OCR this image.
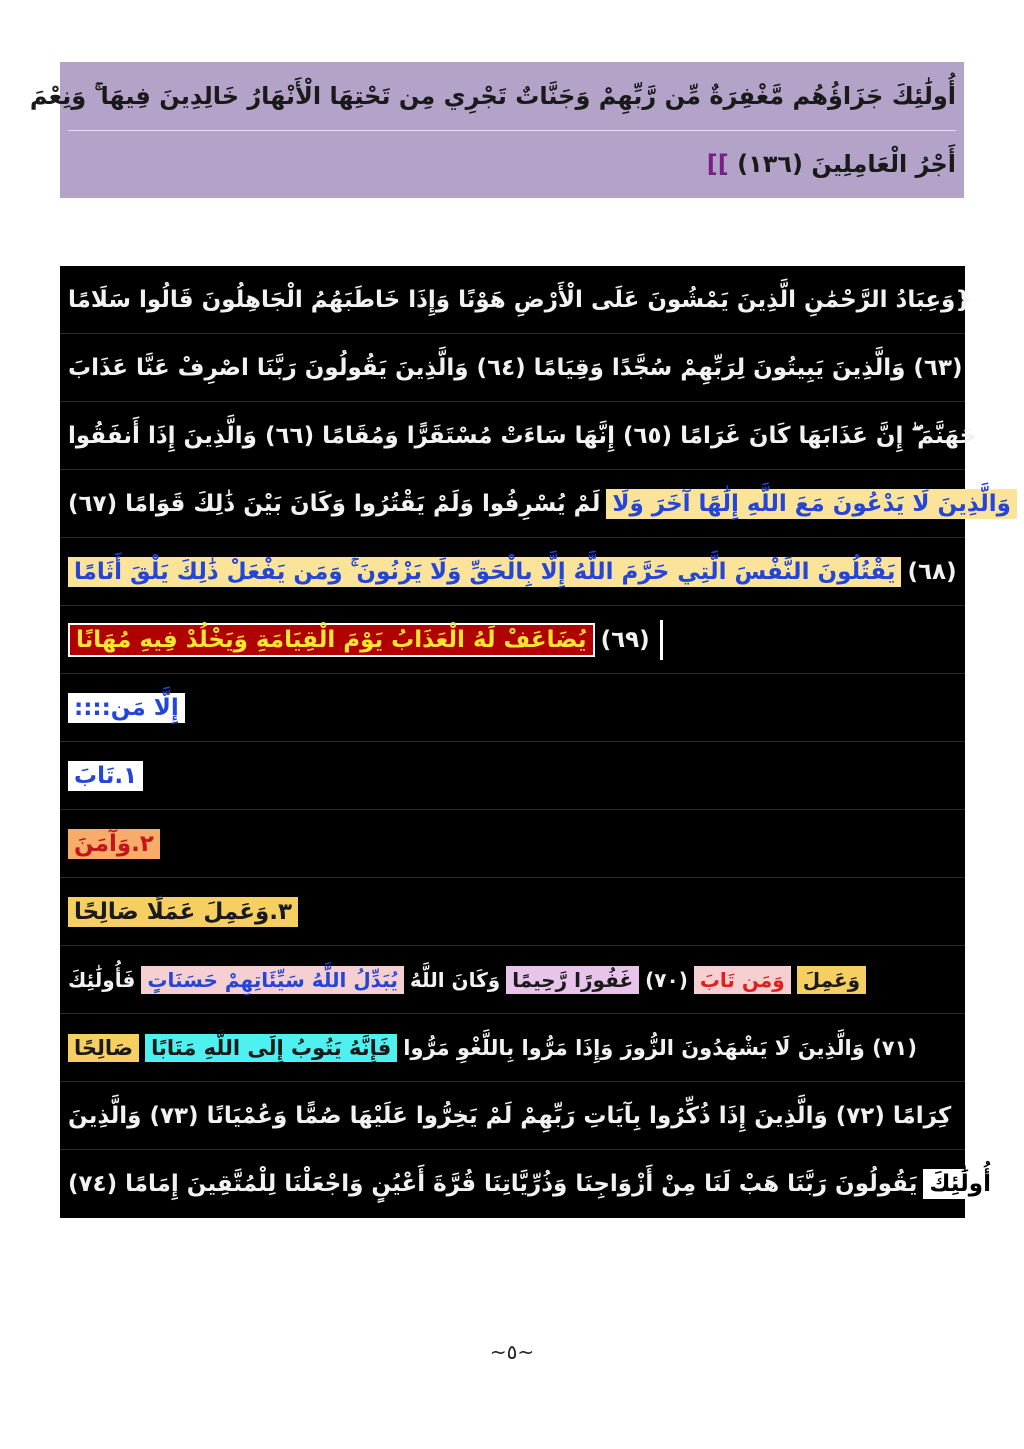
أُولَٰئِكَ جَزَاؤُهُم مَّغْفِرَةٌ مِّن رَّبِّهِمْ وَجَنَّاتٌ تَجْرِي مِن تَحْتِهَا الْأَنْهَارُ خَالِدِينَ فِيهَا ۚ وَنِعْمَ
أَجْرُ الْعَامِلِينَ (١٣٦) ]]
{وَعِبَادُ الرَّحْمَٰنِ الَّذِينَ يَمْشُونَ عَلَى الْأَرْضِ هَوْنًا وَإِذَا خَاطَبَهُمُ الْجَاهِلُونَ قَالُوا سَلَامًا
(٦٣) وَالَّذِينَ يَبِيتُونَ لِرَبِّهِمْ سُجَّدًا وَقِيَامًا (٦٤) وَالَّذِينَ يَقُولُونَ رَبَّنَا اصْرِفْ عَنَّا عَذَابَ
جَهَنَّمَ ۖ إِنَّ عَذَابَهَا كَانَ غَرَامًا (٦٥) إِنَّهَا سَاءَتْ مُسْتَقَرًّا وَمُقَامًا (٦٦) وَالَّذِينَ إِذَا أَنفَقُوا
لَمْ يُسْرِفُوا وَلَمْ يَقْتُرُوا وَكَانَ بَيْنَ ذَٰلِكَ قَوَامًا (٦٧) وَالَّذِينَ لَا يَدْعُونَ مَعَ اللَّهِ إِلَٰهًا آخَرَ وَلَا
يَقْتُلُونَ النَّفْسَ الَّتِي حَرَّمَ اللَّهُ إِلَّا بِالْحَقِّ وَلَا يَزْنُونَ ۚ وَمَن يَفْعَلْ ذَٰلِكَ يَلْقَ أَثَامًا (٦٨)
يُضَاعَفْ لَهُ الْعَذَابُ يَوْمَ الْقِيَامَةِ وَيَخْلُدْ فِيهِ مُهَانًا (٦٩)
إِلَّا مَن::::
١.تَابَ
٢.وَآمَنَ
٣.وَعَمِلَ عَمَلًا صَالِحًا
فَأُولَٰئِكَ يُبَدِّلُ اللَّهُ سَيِّئَاتِهِمْ حَسَنَاتٍ وَكَانَ اللَّهُ غَفُورًا رَّحِيمًا (٧٠) وَمَن تَابَ وَعَمِلَ
صَالِحًا فَإِنَّهُ يَتُوبُ إِلَى اللَّهِ مَتَابًا (٧١) وَالَّذِينَ لَا يَشْهَدُونَ الزُّورَ وَإِذَا مَرُّوا بِاللَّغْوِ مَرُّوا
كِرَامًا (٧٢) وَالَّذِينَ إِذَا ذُكِّرُوا بِآيَاتِ رَبِّهِمْ لَمْ يَخِرُّوا عَلَيْهَا صُمًّا وَعُمْيَانًا (٧٣) وَالَّذِينَ
يَقُولُونَ رَبَّنَا هَبْ لَنَا مِنْ أَزْوَاجِنَا وَذُرِّيَّاتِنَا قُرَّةَ أَعْيُنٍ وَاجْعَلْنَا لِلْمُتَّقِينَ إِمَامًا (٧٤) أُولَٰئِكَ
~٥~
